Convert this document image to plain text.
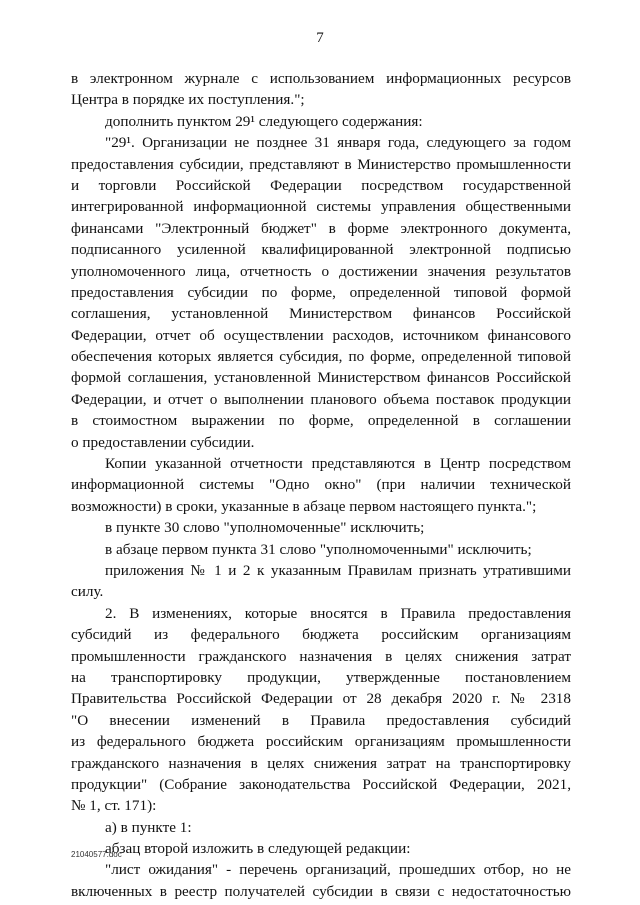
7
в электронном журнале с использованием информационных ресурсов
Центра в порядке их поступления.";
дополнить пунктом 29¹ следующего содержания:
"29¹. Организации не позднее 31 января года, следующего за годом
предоставления субсидии, представляют в Министерство промышленности
и торговли Российской Федерации посредством государственной
интегрированной информационной системы управления общественными
финансами "Электронный бюджет" в форме электронного документа,
подписанного усиленной квалифицированной электронной подписью
уполномоченного лица, отчетность о достижении значения результатов
предоставления субсидии по форме, определенной типовой формой
соглашения, установленной Министерством финансов Российской
Федерации, отчет об осуществлении расходов, источником финансового
обеспечения которых является субсидия, по форме, определенной типовой
формой соглашения, установленной Министерством финансов Российской
Федерации, и отчет о выполнении планового объема поставок продукции
в стоимостном выражении по форме, определенной в соглашении
о предоставлении субсидии.
Копии указанной отчетности представляются в Центр посредством
информационной системы "Одно окно" (при наличии технической
возможности) в сроки, указанные в абзаце первом настоящего пункта.";
в пункте 30 слово "уполномоченные" исключить;
в абзаце первом пункта 31 слово "уполномоченными" исключить;
приложения № 1 и 2 к указанным Правилам признать утратившими
силу.
2. В изменениях, которые вносятся в Правила предоставления
субсидий из федерального бюджета российским организациям
промышленности гражданского назначения в целях снижения затрат
на транспортировку продукции, утвержденные постановлением
Правительства Российской Федерации от 28 декабря 2020 г. № 2318
"О внесении изменений в Правила предоставления субсидий
из федерального бюджета российским организациям промышленности
гражданского назначения в целях снижения затрат на транспортировку
продукции" (Собрание законодательства Российской Федерации, 2021,
№ 1, ст. 171):
а) в пункте 1:
абзац второй изложить в следующей редакции:
"лист ожидания" - перечень организаций, прошедших отбор, но не
включенных в реестр получателей субсидии в связи с недостаточностью
21040577.doc
